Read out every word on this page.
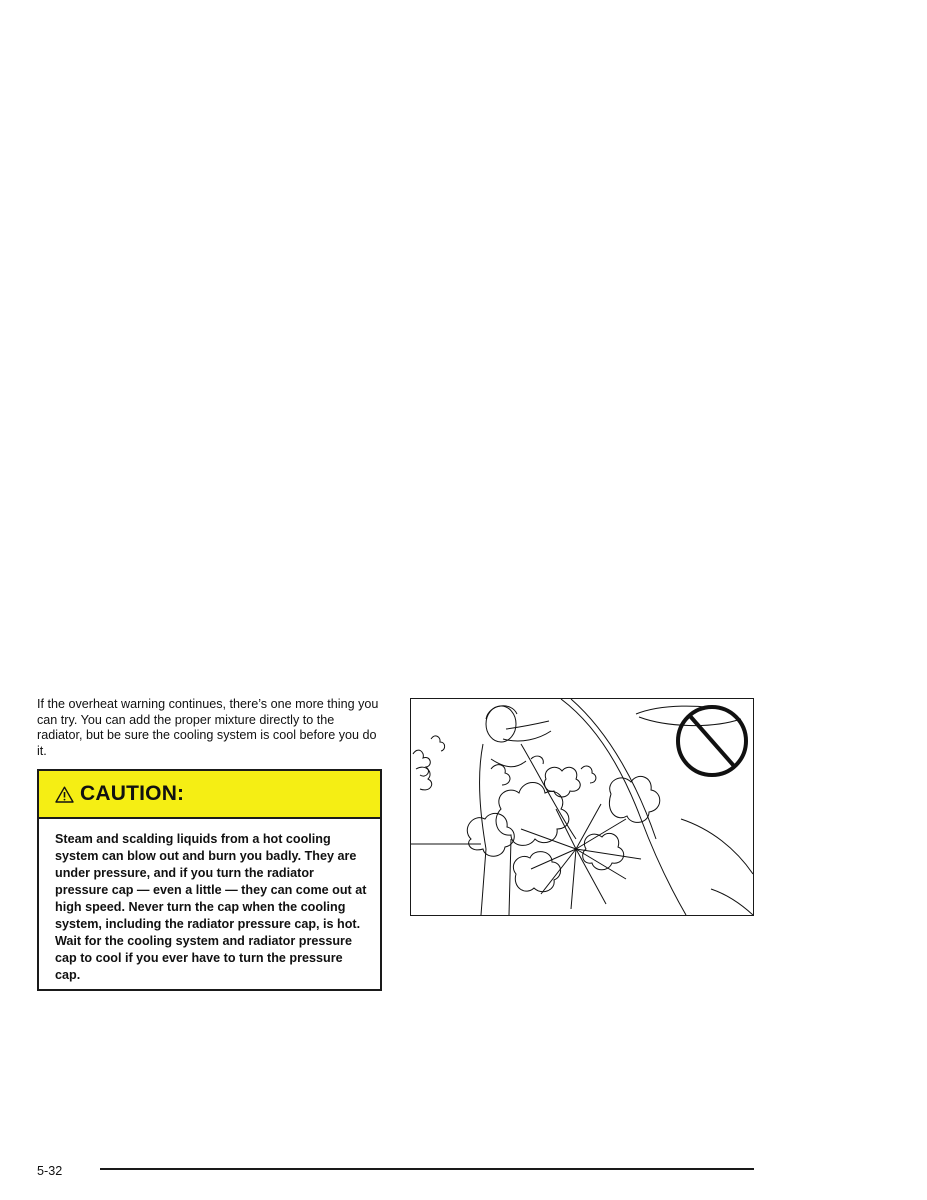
If the overheat warning continues, there’s one more thing you can try. You can add the proper mixture directly to the radiator, but be sure the cooling system is cool before you do it.

CAUTION:
Steam and scalding liquids from a hot cooling system can blow out and burn you badly. They are under pressure, and if you turn the radiator pressure cap — even a little — they can come out at high speed. Never turn the cap when the cooling system, including the radiator pressure cap, is hot. Wait for the cooling system and radiator pressure cap to cool if you ever have to turn the pressure cap.
5-32
